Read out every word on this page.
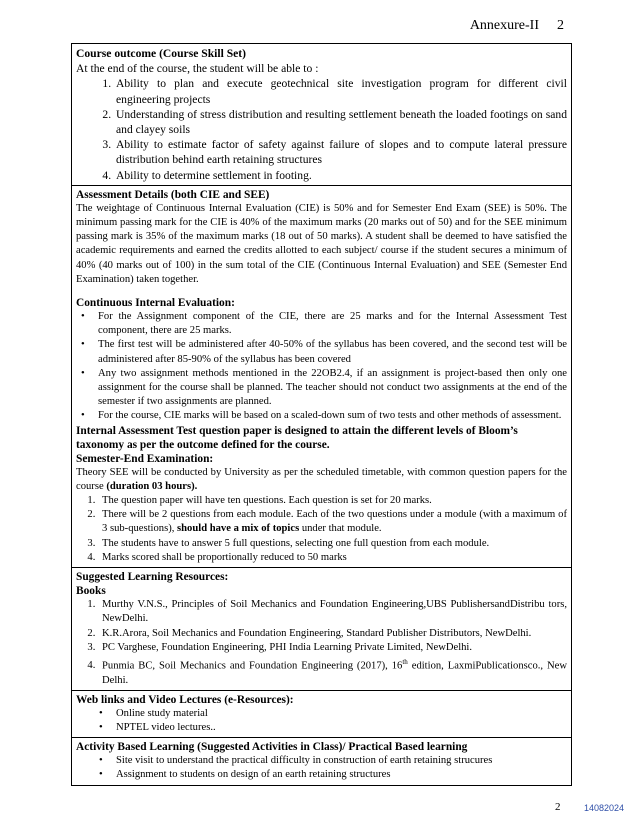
Annexure-II 2
Course outcome (Course Skill Set)
At the end of the course, the student will be able to :
1. Ability to plan and execute geotechnical site investigation program for different civil engineering projects
2. Understanding of stress distribution and resulting settlement beneath the loaded footings on sand and clayey soils
3. Ability to estimate factor of safety against failure of slopes and to compute lateral pressure distribution behind earth retaining structures
4. Ability to determine settlement in footing.
Assessment Details (both CIE and SEE)
The weightage of Continuous Internal Evaluation (CIE) is 50% and for Semester End Exam (SEE) is 50%. The minimum passing mark for the CIE is 40% of the maximum marks (20 marks out of 50) and for the SEE minimum passing mark is 35% of the maximum marks (18 out of 50 marks). A student shall be deemed to have satisfied the academic requirements and earned the credits allotted to each subject/ course if the student secures a minimum of 40% (40 marks out of 100) in the sum total of the CIE (Continuous Internal Evaluation) and SEE (Semester End Examination) taken together.
Continuous Internal Evaluation:
• For the Assignment component of the CIE, there are 25 marks and for the Internal Assessment Test component, there are 25 marks.
• The first test will be administered after 40-50% of the syllabus has been covered, and the second test will be administered after 85-90% of the syllabus has been covered
• Any two assignment methods mentioned in the 22OB2.4, if an assignment is project-based then only one assignment for the course shall be planned. The teacher should not conduct two assignments at the end of the semester if two assignments are planned.
• For the course, CIE marks will be based on a scaled-down sum of two tests and other methods of assessment.
Internal Assessment Test question paper is designed to attain the different levels of Bloom’s taxonomy as per the outcome defined for the course.
Semester-End Examination:
Theory SEE will be conducted by University as per the scheduled timetable, with common question papers for the course (duration 03 hours).
1. The question paper will have ten questions. Each question is set for 20 marks.
2. There will be 2 questions from each module. Each of the two questions under a module (with a maximum of 3 sub-questions), should have a mix of topics under that module.
3. The students have to answer 5 full questions, selecting one full question from each module.
4. Marks scored shall be proportionally reduced to 50 marks
Suggested Learning Resources:
Books
1. Murthy V.N.S., Principles of Soil Mechanics and Foundation Engineering,UBS PublishersandDistribu tors, NewDelhi.
2. K.R.Arora, Soil Mechanics and Foundation Engineering, Standard Publisher Distributors, NewDelhi.
3. PC Varghese, Foundation Engineering, PHI India Learning Private Limited, NewDelhi.
4. Punmia BC, Soil Mechanics and Foundation Engineering (2017), 16th edition, LaxmiPublicationsco., New Delhi.
Web links and Video Lectures (e-Resources):
• Online study material
• NPTEL video lectures..
Activity Based Learning (Suggested Activities in Class)/ Practical Based learning
• Site visit to understand the practical difficulty in construction of earth retaining strucures
• Assignment to students on design of an earth retaining structures
2	14082024
